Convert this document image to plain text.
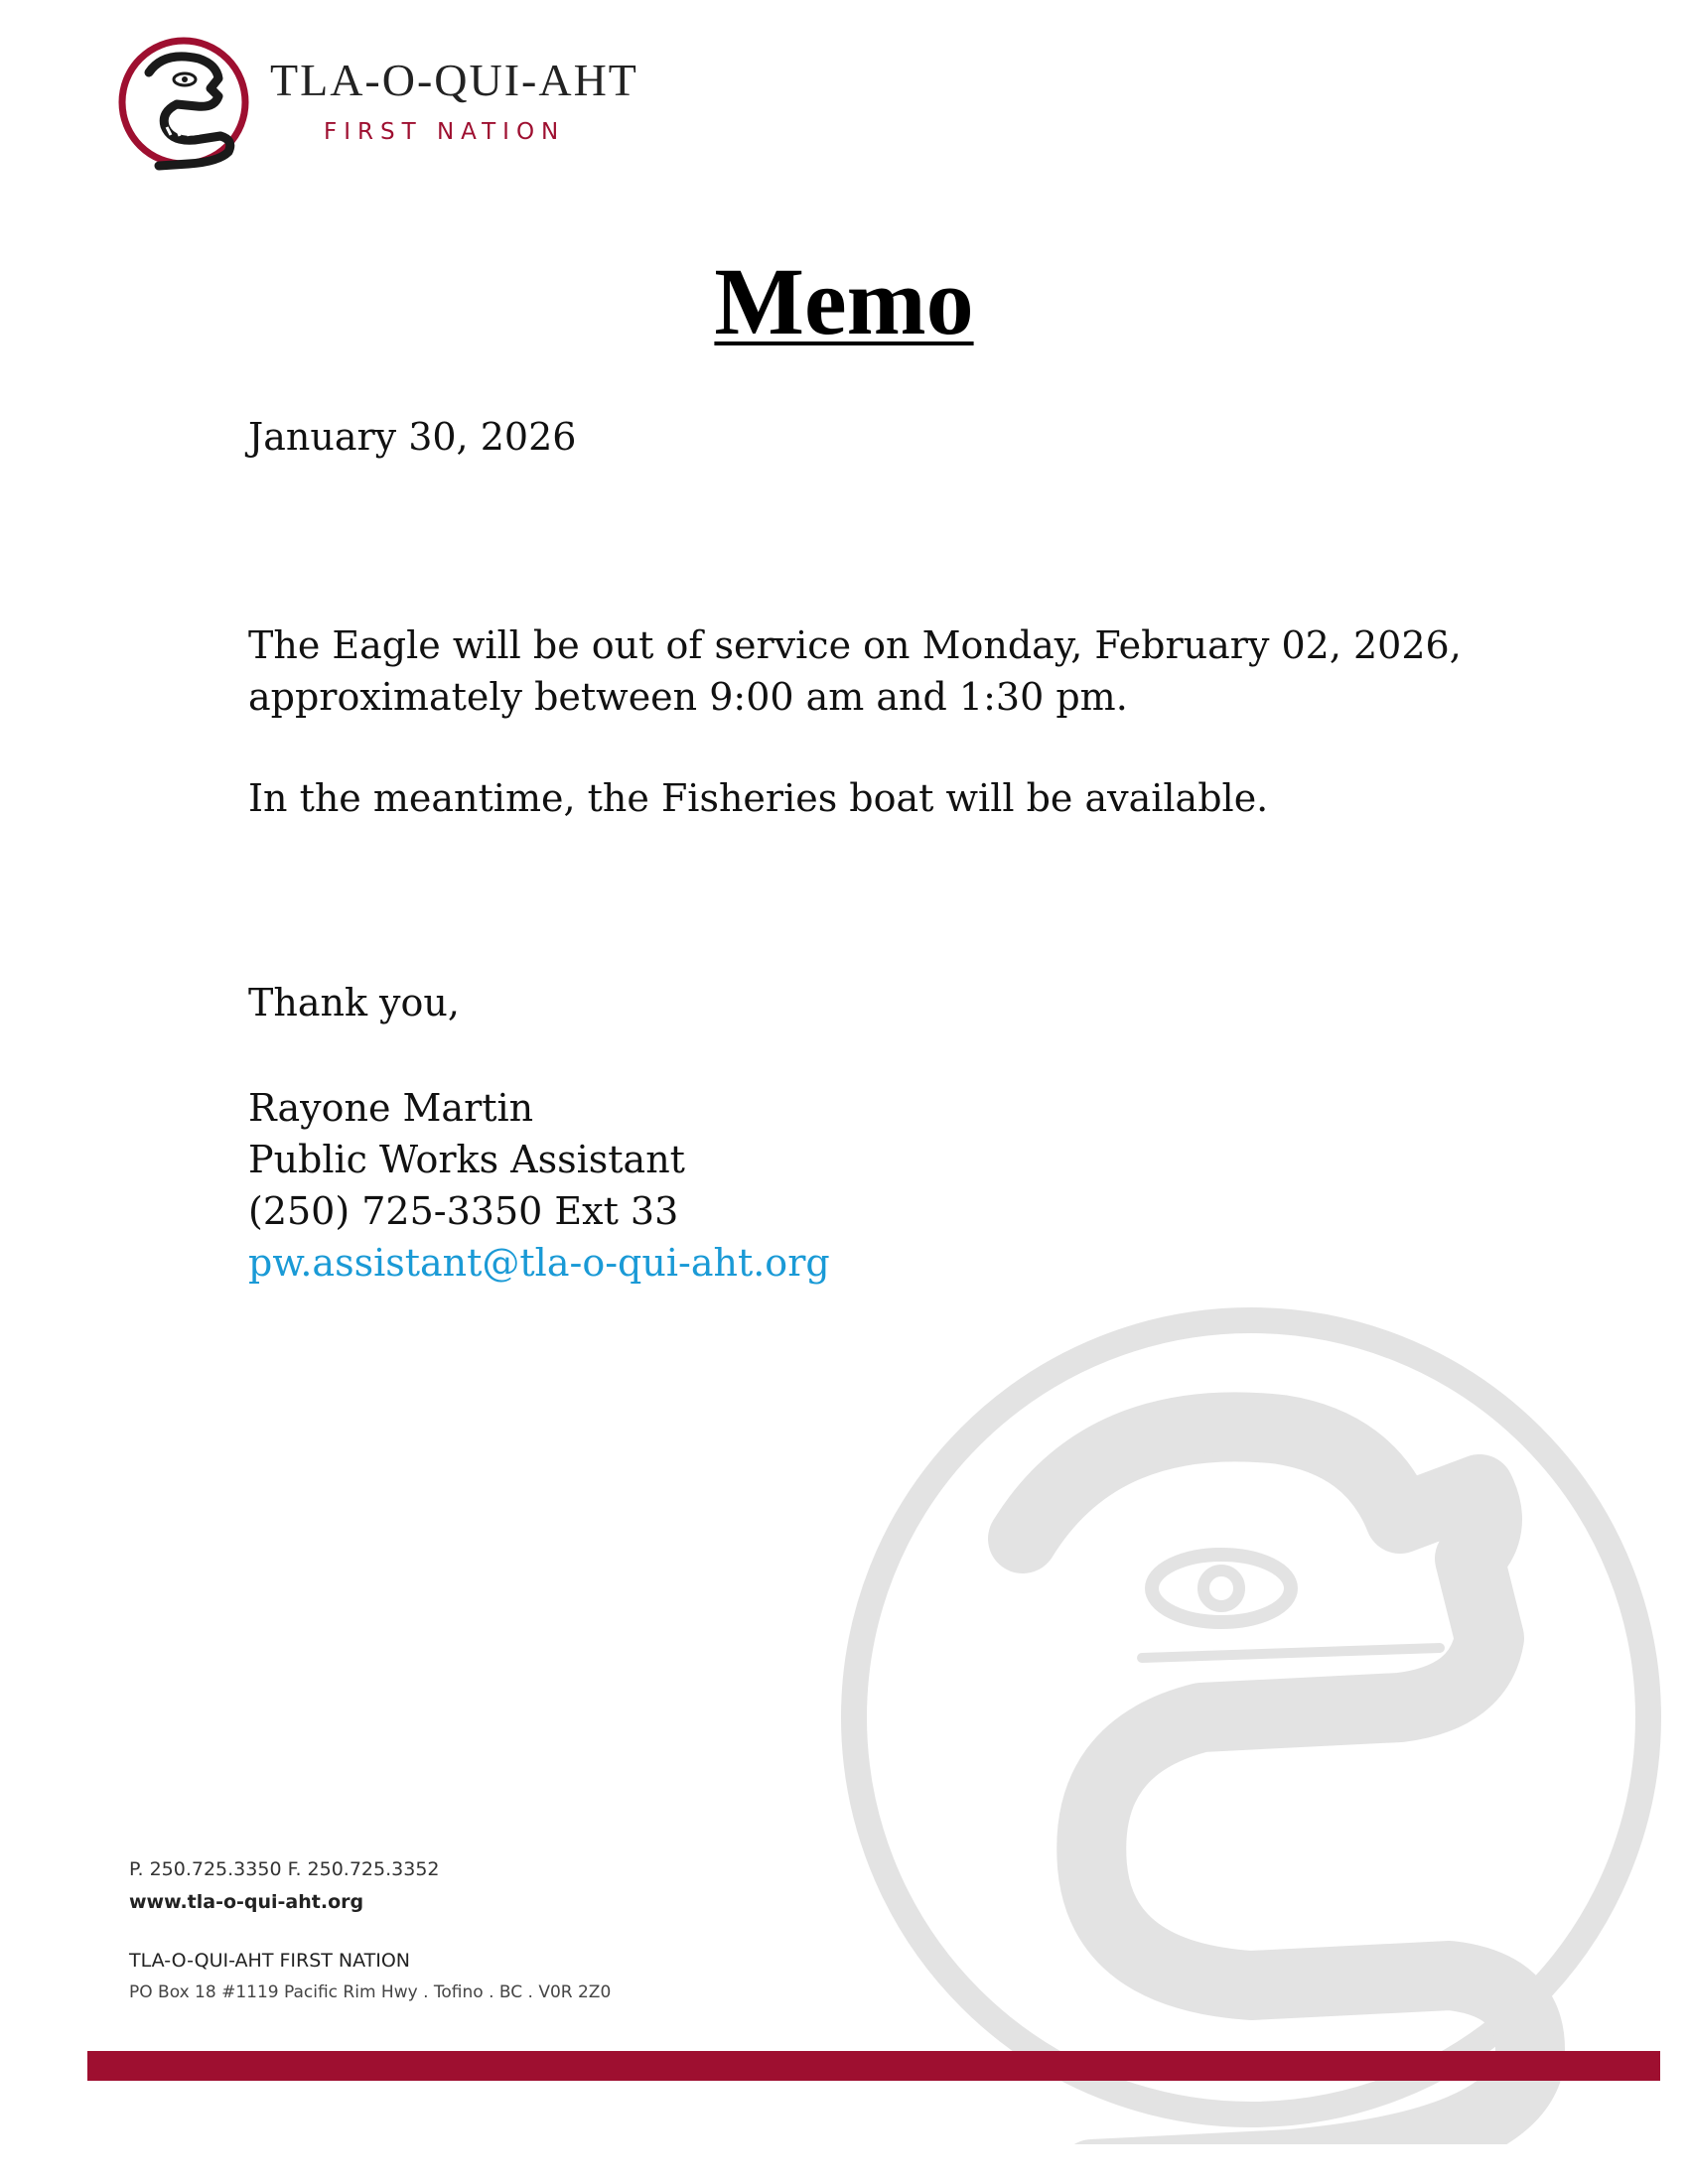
TLA-O-QUI-AHT
FIRST NATION
Memo
January 30, 2026
The Eagle will be out of service on Monday, February 02, 2026,
approximately between 9:00 am and 1:30 pm.
In the meantime, the Fisheries boat will be available.
Thank you,
Rayone Martin
Public Works Assistant
(250) 725-3350 Ext 33
pw.assistant@tla-o-qui-aht.org
P. 250.725.3350 F. 250.725.3352
www.tla-o-qui-aht.org
TLA-O-QUI-AHT FIRST NATION
PO Box 18 #1119 Pacific Rim Hwy . Tofino . BC . V0R 2Z0
